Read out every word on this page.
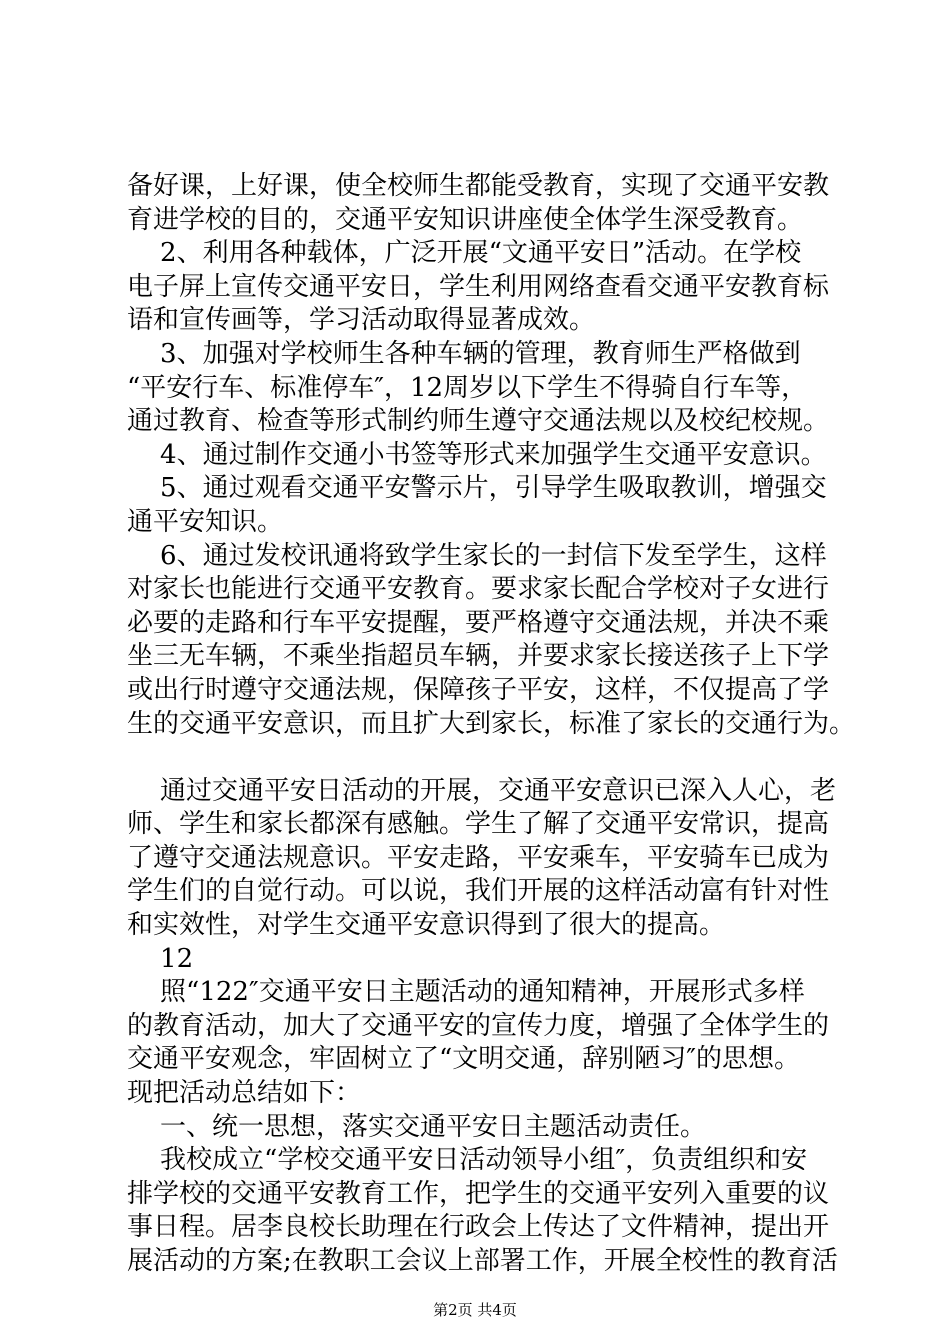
备好课，上好课，使全校师生都能受教育，实现了交通平安教
育进学校的目的，交通平安知识讲座使全体学生深受教育。
2、利用各种载体，广泛开展“文通平安日”活动。在学校
电子屏上宣传交通平安日，学生利用网络查看交通平安教育标
语和宣传画等，学习活动取得显著成效。
3、加强对学校师生各种车辆的管理，教育师生严格做到
“平安行车、标准停车″，12周岁以下学生不得骑自行车等，
通过教育、检查等形式制约师生遵守交通法规以及校纪校规。
4、通过制作交通小书签等形式来加强学生交通平安意识。
5、通过观看交通平安警示片，引导学生吸取教训，增强交
通平安知识。
6、通过发校讯通将致学生家长的一封信下发至学生，这样
对家长也能进行交通平安教育。要求家长配合学校对子女进行
必要的走路和行车平安提醒，要严格遵守交通法规，并决不乘
坐三无车辆，不乘坐指超员车辆，并要求家长接送孩子上下学
或出行时遵守交通法规，保障孩子平安，这样，不仅提高了学
生的交通平安意识，而且扩大到家长，标准了家长的交通行为。
通过交通平安日活动的开展，交通平安意识已深入人心，老
师、学生和家长都深有感触。学生了解了交通平安常识，提高
了遵守交通法规意识。平安走路，平安乘车，平安骑车已成为
学生们的自觉行动。可以说，我们开展的这样活动富有针对性
和实效性，对学生交通平安意识得到了很大的提高。
12
照“122″交通平安日主题活动的通知精神，开展形式多样
的教育活动，加大了交通平安的宣传力度，增强了全体学生的
交通平安观念，牢固树立了“文明交通，辞别陋习″的思想。
现把活动总结如下：
一、统一思想，落实交通平安日主题活动责任。
我校成立“学校交通平安日活动领导小组″，负责组织和安
排学校的交通平安教育工作，把学生的交通平安列入重要的议
事日程。居李良校长助理在行政会上传达了文件精神，提出开
展活动的方案;在教职工会议上部署工作，开展全校性的教育活
第2页 共4页
